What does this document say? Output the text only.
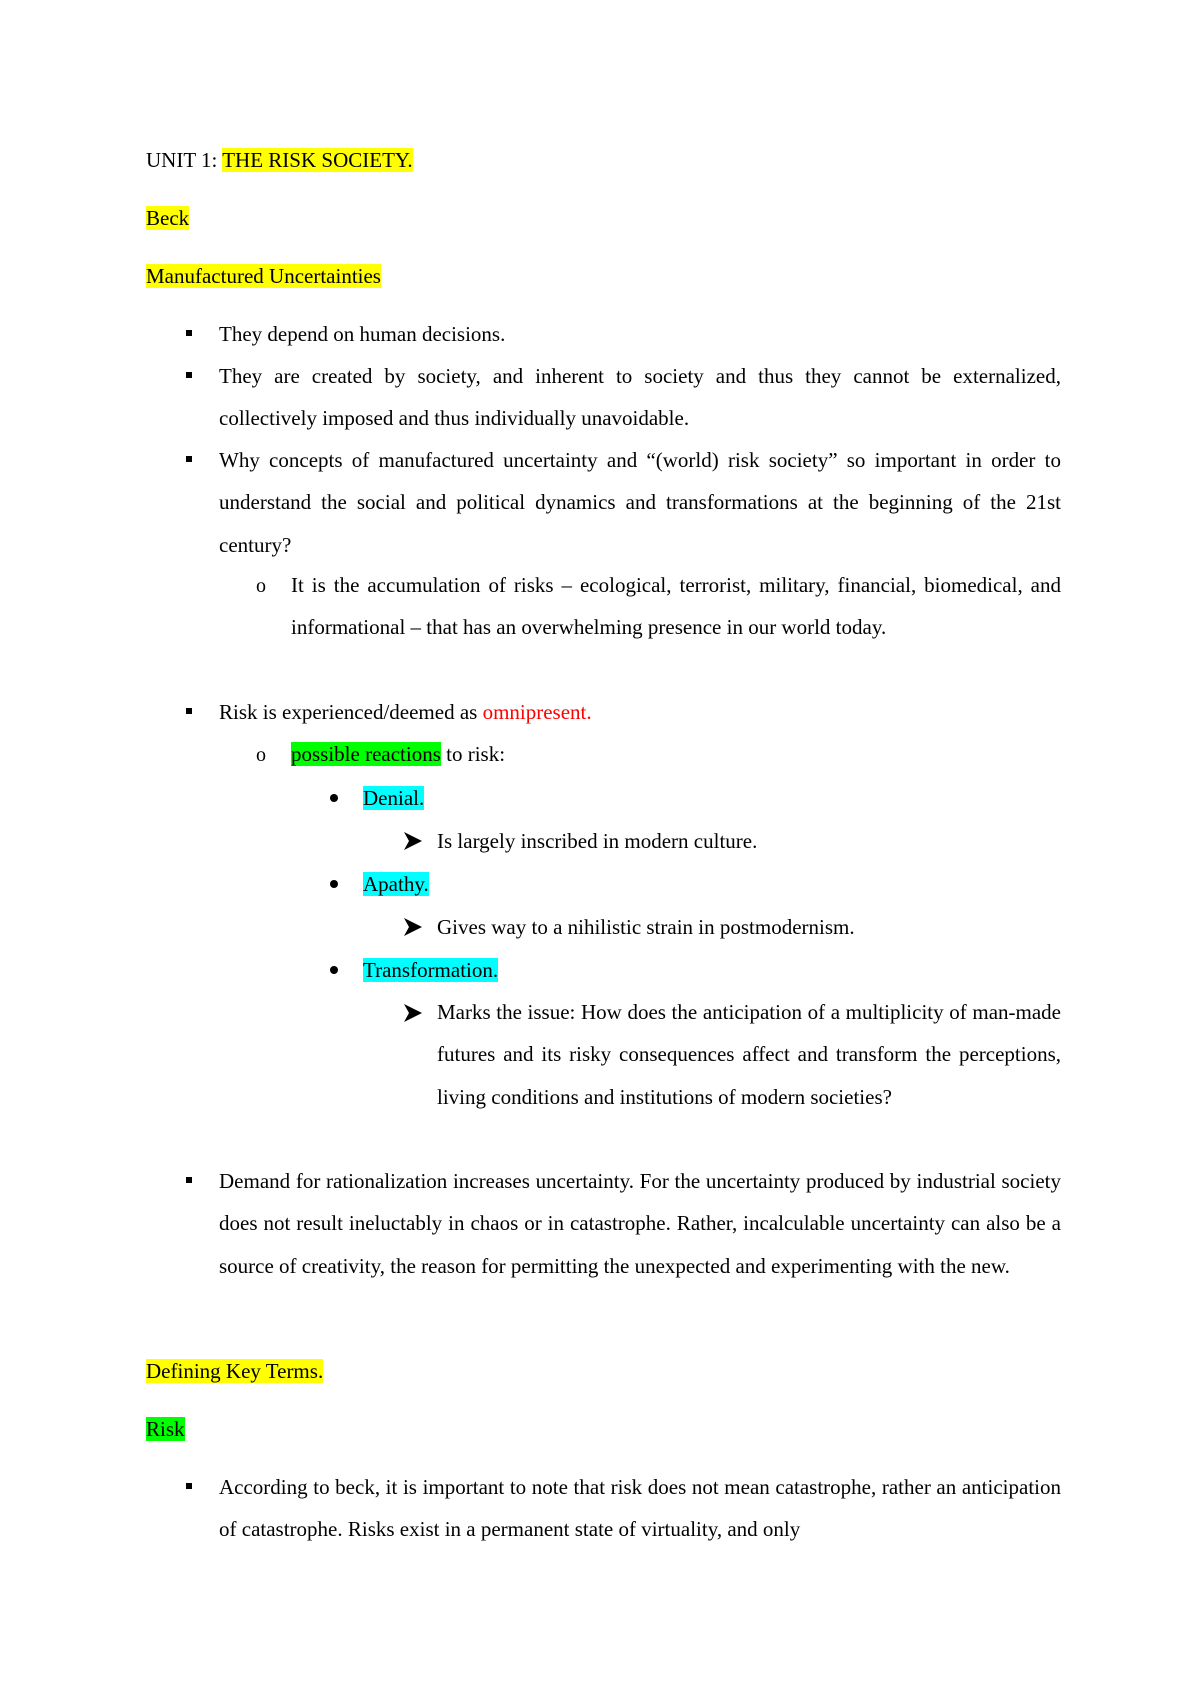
UNIT 1: THE RISK SOCIETY.
Beck
Manufactured Uncertainties
They depend on human decisions.
They are created by society, and inherent to society and thus they cannot be externalized, collectively imposed and thus individually unavoidable.
Why concepts of manufactured uncertainty and “(world) risk society” so important in order to understand the social and political dynamics and transformations at the beginning of the 21st century?
o It is the accumulation of risks – ecological, terrorist, military, financial, biomedical, and informational – that has an overwhelming presence in our world today.
Risk is experienced/deemed as omnipresent.
o possible reactions to risk:
Denial.
Is largely inscribed in modern culture.
Apathy.
Gives way to a nihilistic strain in postmodernism.
Transformation.
Marks the issue: How does the anticipation of a multiplicity of man-made futures and its risky consequences affect and transform the perceptions, living conditions and institutions of modern societies?
Demand for rationalization increases uncertainty. For the uncertainty produced by industrial society does not result ineluctably in chaos or in catastrophe. Rather, incalculable uncertainty can also be a source of creativity, the reason for permitting the unexpected and experimenting with the new.
Defining Key Terms.
Risk
According to beck, it is important to note that risk does not mean catastrophe, rather an anticipation of catastrophe. Risks exist in a permanent state of virtuality, and only
